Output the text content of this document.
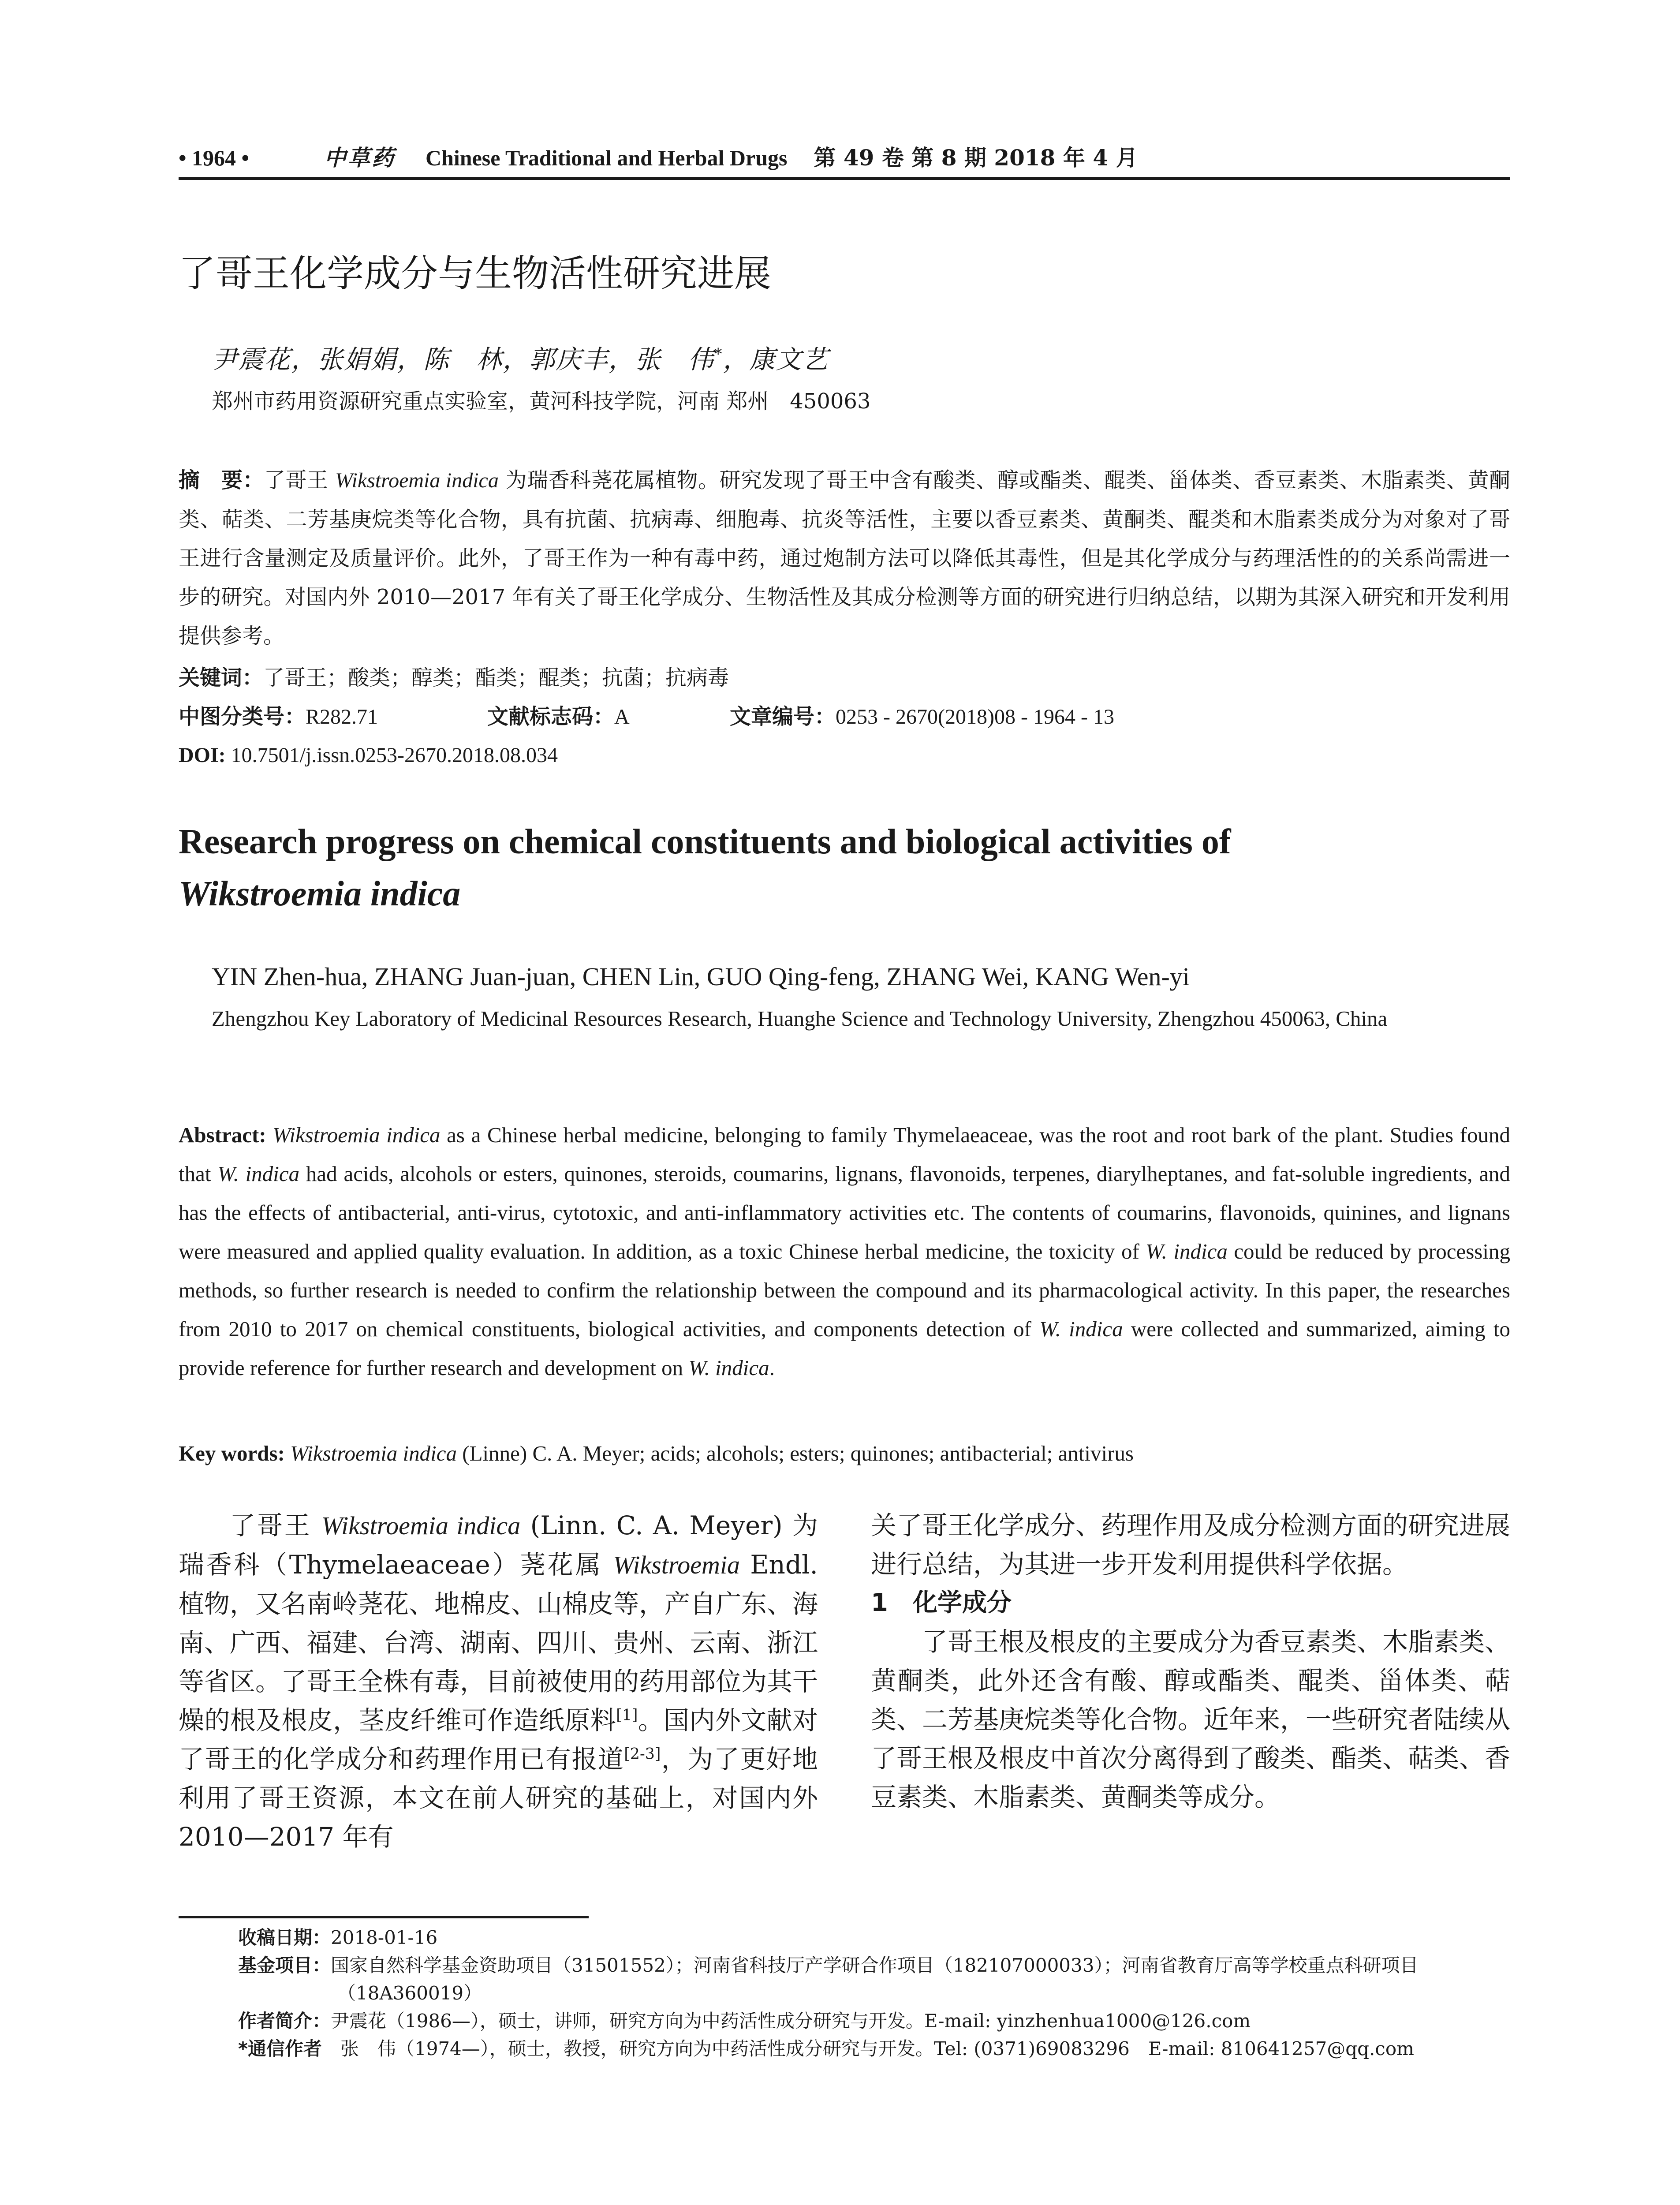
• 1964 •	中草药 Chinese Traditional and Herbal Drugs 第 49 卷 第 8 期 2018 年 4 月
了哥王化学成分与生物活性研究进展
尹震花，张娟娟，陈　林，郭庆丰，张　伟*，康文艺
郑州市药用资源研究重点实验室，黄河科技学院，河南 郑州　450063
摘　要：了哥王 Wikstroemia indica 为瑞香科荛花属植物。研究发现了哥王中含有酸类、醇或酯类、醌类、甾体类、香豆素类、木脂素类、黄酮类、萜类、二芳基庚烷类等化合物，具有抗菌、抗病毒、细胞毒、抗炎等活性，主要以香豆素类、黄酮类、醌类和木脂素类成分为对象对了哥王进行含量测定及质量评价。此外，了哥王作为一种有毒中药，通过炮制方法可以降低其毒性，但是其化学成分与药理活性的的关系尚需进一步的研究。对国内外 2010—2017 年有关了哥王化学成分、生物活性及其成分检测等方面的研究进行归纳总结，以期为其深入研究和开发利用提供参考。
关键词：了哥王；酸类；醇类；酯类；醌类；抗菌；抗病毒
中图分类号：R282.71	文献标志码：A	文章编号：0253 - 2670(2018)08 - 1964 - 13
DOI: 10.7501/j.issn.0253-2670.2018.08.034
Research progress on chemical constituents and biological activities of
Wikstroemia indica
YIN Zhen-hua, ZHANG Juan-juan, CHEN Lin, GUO Qing-feng, ZHANG Wei, KANG Wen-yi
Zhengzhou Key Laboratory of Medicinal Resources Research, Huanghe Science and Technology University, Zhengzhou 450063, China
Abstract: Wikstroemia indica as a Chinese herbal medicine, belonging to family Thymelaeaceae, was the root and root bark of the plant. Studies found that W. indica had acids, alcohols or esters, quinones, steroids, coumarins, lignans, flavonoids, terpenes, diarylheptanes, and fat-soluble ingredients, and has the effects of antibacterial, anti-virus, cytotoxic, and anti-inflammatory activities etc. The contents of coumarins, flavonoids, quinines, and lignans were measured and applied quality evaluation. In addition, as a toxic Chinese herbal medicine, the toxicity of W. indica could be reduced by processing methods, so further research is needed to confirm the relationship between the compound and its pharmacological activity. In this paper, the researches from 2010 to 2017 on chemical constituents, biological activities, and components detection of W. indica were collected and summarized, aiming to provide reference for further research and development on W. indica.
Key words: Wikstroemia indica (Linne) C. A. Meyer; acids; alcohols; esters; quinones; antibacterial; antivirus

了哥王 Wikstroemia indica (Linn. C. A. Meyer) 为瑞香科（Thymelaeaceae）荛花属 Wikstroemia Endl. 植物，又名南岭荛花、地棉皮、山棉皮等，产自广东、海南、广西、福建、台湾、湖南、四川、贵州、云南、浙江等省区。了哥王全株有毒，目前被使用的药用部位为其干燥的根及根皮，茎皮纤维可作造纸原料[1]。国内外文献对了哥王的化学成分和药理作用已有报道[2-3]，为了更好地利用了哥王资源，本文在前人研究的基础上，对国内外 2010—2017 年有

关了哥王化学成分、药理作用及成分检测方面的研究进展进行总结，为其进一步开发利用提供科学依据。

1　化学成分

了哥王根及根皮的主要成分为香豆素类、木脂素类、黄酮类，此外还含有酸、醇或酯类、醌类、甾体类、萜类、二芳基庚烷类等化合物。近年来，一些研究者陆续从了哥王根及根皮中首次分离得到了酸类、酯类、萜类、香豆素类、木脂素类、黄酮类等成分。

收稿日期：2018-01-16
基金项目：国家自然科学基金资助项目（31501552）；河南省科技厅产学研合作项目（182107000033）；河南省教育厅高等学校重点科研项目（18A360019）
作者简介：尹震花（1986—），硕士，讲师，研究方向为中药活性成分研究与开发。E-mail: yinzhenhua1000@126.com
*通信作者　张　伟（1974—），硕士，教授，研究方向为中药活性成分研究与开发。Tel: (0371)69083296　E-mail: 810641257@qq.com
